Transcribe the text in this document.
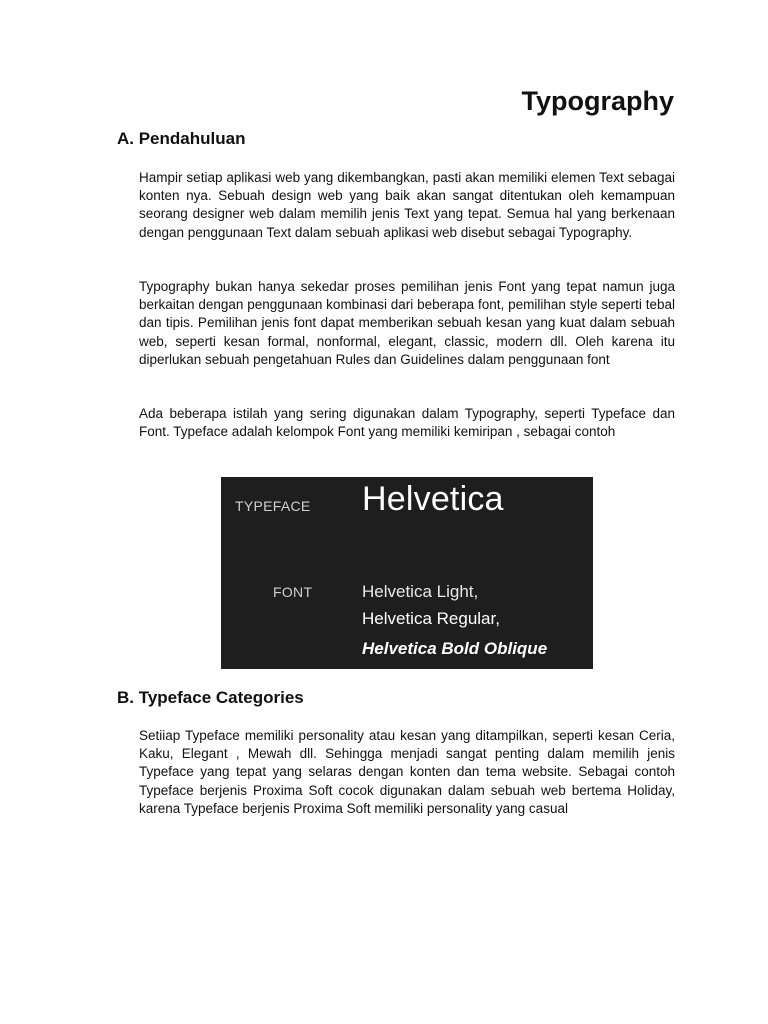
Typography
A. Pendahuluan

Hampir setiap aplikasi web yang dikembangkan, pasti akan memiliki elemen Text sebagai konten nya. Sebuah design web yang baik akan sangat ditentukan oleh kemampuan seorang designer web dalam memilih jenis Text yang tepat. Semua hal yang berkenaan dengan penggunaan Text dalam sebuah aplikasi web disebut sebagai Typography.

Typography bukan hanya sekedar proses pemilihan jenis Font yang tepat namun juga berkaitan dengan penggunaan kombinasi dari beberapa font, pemilihan style seperti tebal dan tipis. Pemilihan jenis font dapat memberikan sebuah kesan yang kuat dalam sebuah web, seperti kesan formal, nonformal, elegant, classic, modern dll. Oleh karena itu diperlukan sebuah pengetahuan Rules dan Guidelines dalam penggunaan font

Ada beberapa istilah yang sering digunakan dalam Typography, seperti Typeface dan Font. Typeface adalah kelompok Font yang memiliki kemiripan , sebagai contoh

TYPEFACE Helvetica
FONT	Helvetica Light,
Helvetica Regular,
Helvetica Bold Oblique
B. Typeface Categories

Setiiap Typeface memiliki personality atau kesan yang ditampilkan, seperti kesan Ceria, Kaku, Elegant , Mewah dll. Sehingga menjadi sangat penting dalam memilih jenis Typeface yang tepat yang selaras dengan konten dan tema website. Sebagai contoh Typeface berjenis Proxima Soft cocok digunakan dalam sebuah web bertema Holiday, karena Typeface berjenis Proxima Soft memiliki personality yang casual
